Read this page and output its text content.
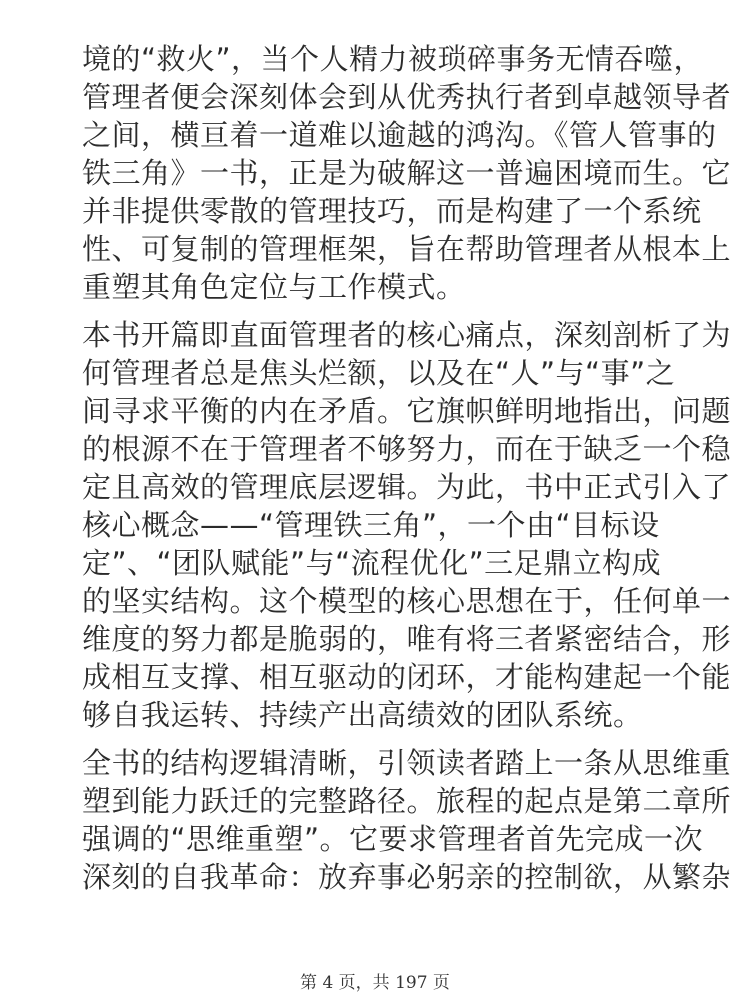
境的“救火”，当个人精力被琐碎事务无情吞噬，
管理者便会深刻体会到从优秀执行者到卓越领导者
之间，横亘着一道难以逾越的鸿沟。《管人管事的
铁三角》一书，正是为破解这一普遍困境而生。它
并非提供零散的管理技巧，而是构建了一个系统
性、可复制的管理框架，旨在帮助管理者从根本上
重塑其角色定位与工作模式。

本书开篇即直面管理者的核心痛点，深刻剖析了为
何管理者总是焦头烂额，以及在“人”与“事”之
间寻求平衡的内在矛盾。它旗帜鲜明地指出，问题
的根源不在于管理者不够努力，而在于缺乏一个稳
定且高效的管理底层逻辑。为此，书中正式引入了
核心概念——“管理铁三角”，一个由“目标设
定”、“团队赋能”与“流程优化”三足鼎立构成
的坚实结构。这个模型的核心思想在于，任何单一
维度的努力都是脆弱的，唯有将三者紧密结合，形
成相互支撑、相互驱动的闭环，才能构建起一个能
够自我运转、持续产出高绩效的团队系统。

全书的结构逻辑清晰，引领读者踏上一条从思维重
塑到能力跃迁的完整路径。旅程的起点是第二章所
强调的“思维重塑”。它要求管理者首先完成一次
深刻的自我革命：放弃事必躬亲的控制欲，从繁杂

第 4 页，共 197 页
